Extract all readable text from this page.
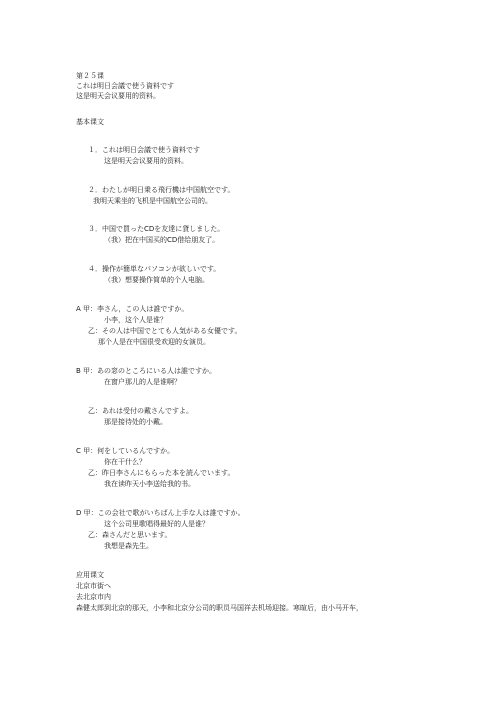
第２５课

これは明日会議で使う資料です

这是明天会议要用的资料。

基本课文

１．これは明日会議で使う資料です

这是明天会议要用的资料。

２．わたしが明日乗る飛行機は中国航空です。

我明天乘坐的飞机是中国航空公司的。

３．中国で買ったCDを友達に貸しました。

（我）把在中国买的CD借给朋友了。

４．操作が簡単なパソコンが欲しいです。

（我）想要操作简单的个人电脑。

A 甲：李さん，この人は誰ですか。

小李，这个人是谁？

乙：その人は中国でとても人気がある女優です。

那个人是在中国很受欢迎的女演员。

B 甲：あの窓のところにいる人は誰ですか。

在窗户那儿的人是谁啊？

乙：あれは受付の戴さんですよ。

那是接待处的小戴。

C 甲：何をしているんですか。

你在干什么？

乙：昨日李さんにもらった本を読んでいます。

我在读昨天小李送给我的书。

D 甲：この会社で歌がいちばん上手な人は誰ですか。

这个公司里歌唱得最好的人是谁？

乙：森さんだと思います。

我想是森先生。

应用课文

北京市街へ

去北京市内

森健太郎到北京的那天，小李和北京分公司的职员马国祥去机场迎接。寒暄后，由小马开车，
